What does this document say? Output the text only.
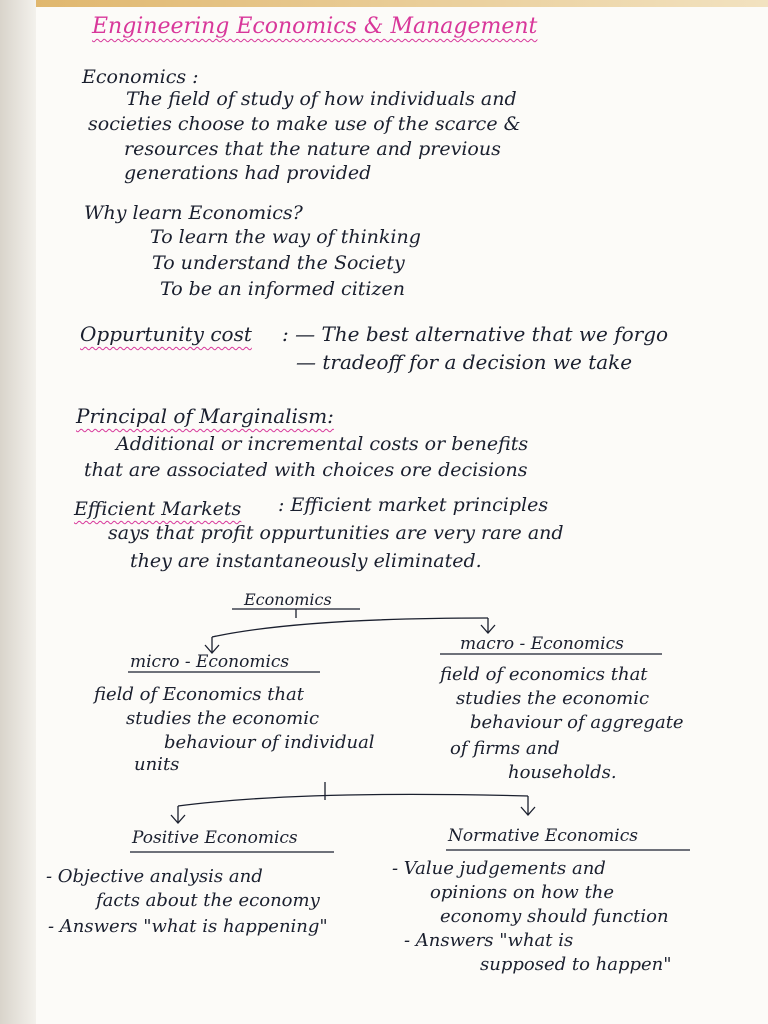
Engineering Economics & Management
Economics :
The field of study of how individuals and
societies choose to make use of the scarce &
resources that the nature and previous
generations had provided
Why learn Economics?
To learn the way of thinking
To understand the Society
To be an informed citizen
Oppurtunity cost : — The best alternative that we forgo
— tradeoff for a decision we take
Principal of Marginalism:
Additional or incremental costs or benefits
that are associated with choices ore decisions
Efficient Markets : Efficient market principles
says that profit oppurtunities are very rare and
they are instantaneously eliminated.
Economics
micro - Economics
field of Economics that
studies the economic
behaviour of individual
units
macro - Economics
field of economics that
studies the economic
behaviour of aggregate
of firms and
households.
Positive Economics
- Objective analysis and
facts about the economy
- Answers "what is happening"
Normative Economics
- Value judgements and
opinions on how the
economy should function
- Answers "what is
supposed to happen"
